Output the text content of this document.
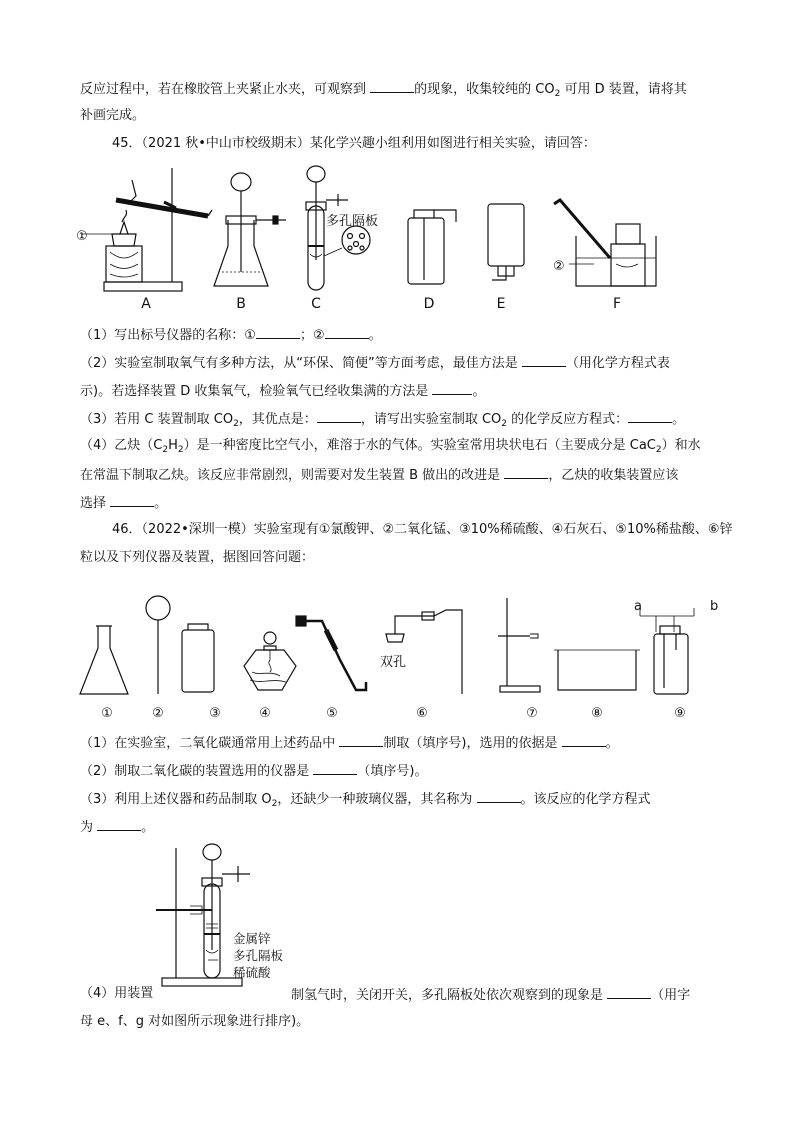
反应过程中，若在橡胶管上夹紧止水夹，可观察到	的现象，收集较纯的 $CO_2$ 可用 D 装置，请将其
补画完成。
45．（2021 秋•中山市校级期末）某化学兴趣小组利用如图进行相关实验，请回答：
①
②
多孔隔板
A	B	C	D	E	F
（1）写出标号仪器的名称：①	；②	。
（2）实验室制取氧气有多种方法，从“环保、简便”等方面考虑，最佳方法是	（用化学方程式表
示)。若选择装置 D 收集氧气，检验氧气已经收集满的方法是	。
（3）若用 C 装置制取 $CO_2$，其优点是：	，请写出实验室制取 $CO_2$ 的化学反应方程式：	。
（4）乙炔$(C_2H_2)$是一种密度比空气小，难溶于水的气体。实验室常用块状电石（主要成分是 CaC$_2$）和水
在常温下制取乙炔。该反应非常剧烈，则需要对发生装置 B 做出的改进是	，乙炔的收集装置应该
选择	。
46．（2022•深圳一模）实验室现有①氯酸钾、②二氧化锰、③10%稀硫酸、④石灰石、⑤10%稀盐酸、⑥锌
粒以及下列仪器及装置，据图回答问题：
双孔
a	b
①	②	③	④	⑤	⑥	⑦	⑧	⑨
（1）在实验室，二氧化碳通常用上述药品中	制取（填序号)，选用的依据是	。
（2）制取二氧化碳的装置选用的仪器是	（填序号)。
（3）利用上述仪器和药品制取 $O_2$，还缺少一种玻璃仪器，其名称为	。该反应的化学方程式
为	。
金属锌
多孔隔板
稀硫酸
（4）用装置	制氢气时，关闭开关，多孔隔板处依次观察到的现象是	（用字
母 e、f、g 对如图所示现象进行排序)。
